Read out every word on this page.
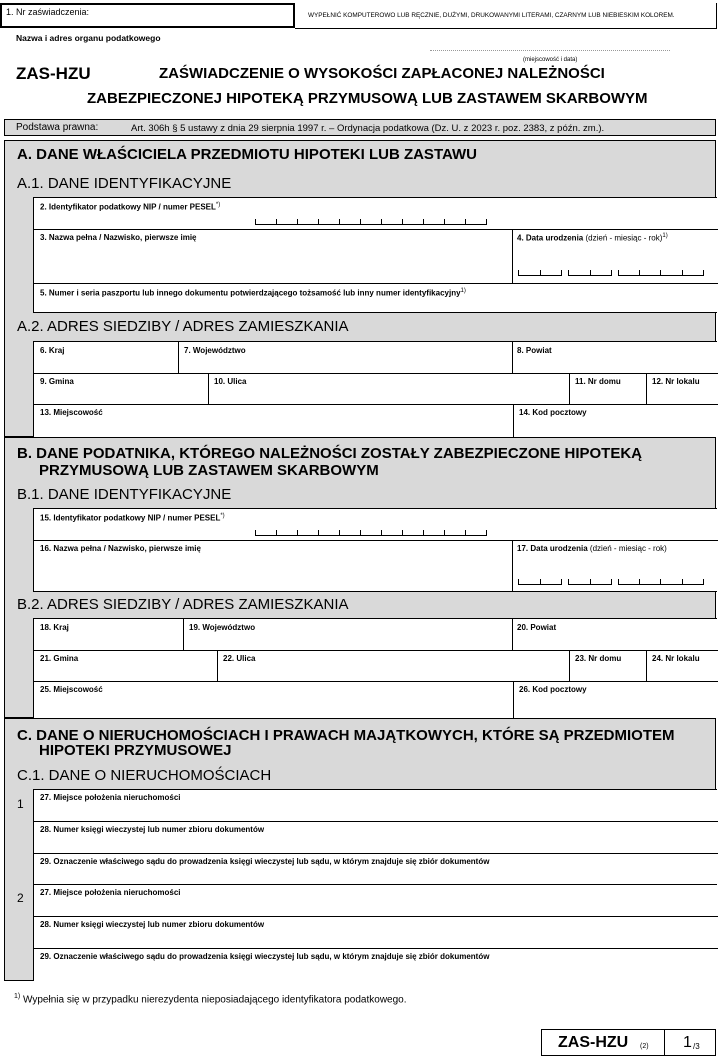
1. Nr zaświadczenia:	WYPEŁNIĆ KOMPUTEROWO LUB RĘCZNIE, DUŻYMI, DRUKOWANYMI LITERAMI, CZARNYM LUB NIEBIESKIM KOLOREM.
Nazwa i adres organu podatkowego
(miejscowość i data)
ZAS-HZU	ZAŚWIADCZENIE O WYSOKOŚCI ZAPŁACONEJ NALEŻNOŚCI
ZABEZPIECZONEJ HIPOTEKĄ PRZYMUSOWĄ LUB ZASTAWEM SKARBOWYM
Podstawa prawna:	Art. 306h § 5 ustawy z dnia 29 sierpnia 1997 r. – Ordynacja podatkowa (Dz. U. z 2023 r. poz. 2383, z późn. zm.).
A. DANE WŁAŚCICIELA PRZEDMIOTU HIPOTEKI LUB ZASTAWU
A.1. DANE IDENTYFIKACYJNE
2. Identyfikator podatkowy NIP / numer PESEL*)
3. Nazwa pełna / Nazwisko, pierwsze imię	4. Data urodzenia (dzień - miesiąc - rok)$^{1)}$
5. Numer i seria paszportu lub innego dokumentu potwierdzającego tożsamość lub inny numer identyfikacyjny$^{1)}$
A.2. ADRES SIEDZIBY / ADRES ZAMIESZKANIA
6. Kraj	7. Województwo	8. Powiat
9. Gmina	10. Ulica	11. Nr domu	12. Nr lokalu
13. Miejscowość	14. Kod pocztowy
B. DANE PODATNIKA, KTÓREGO NALEŻNOŚCI ZOSTAŁY ZABEZPIECZONE HIPOTEKĄ
PRZYMUSOWĄ LUB ZASTAWEM SKARBOWYM
B.1. DANE IDENTYFIKACYJNE
15. Identyfikator podatkowy NIP / numer PESEL*)
16. Nazwa pełna / Nazwisko, pierwsze imię	17. Data urodzenia (dzień - miesiąc - rok)
B.2. ADRES SIEDZIBY / ADRES ZAMIESZKANIA
18. Kraj	19. Województwo	20. Powiat
21. Gmina	22. Ulica	23. Nr domu	24. Nr lokalu
25. Miejscowość	26. Kod pocztowy
C. DANE O NIERUCHOMOŚCIACH I PRAWACH MAJĄTKOWYCH, KTÓRE SĄ PRZEDMIOTEM
HIPOTEKI PRZYMUSOWEJ
C.1. DANE O NIERUCHOMOŚCIACH
1 27. Miejsce położenia nieruchomości
28. Numer księgi wieczystej lub numer zbioru dokumentów
29. Oznaczenie właściwego sądu do prowadzenia księgi wieczystej lub sądu, w którym znajduje się zbiór dokumentów
2 27. Miejsce położenia nieruchomości
28. Numer księgi wieczystej lub numer zbioru dokumentów
29. Oznaczenie właściwego sądu do prowadzenia księgi wieczystej lub sądu, w którym znajduje się zbiór dokumentów
$^{1)}$ Wypełnia się w przypadku nierezydenta nieposiadającego identyfikatora podatkowego.
ZAS-HZU (2) 1 /3
